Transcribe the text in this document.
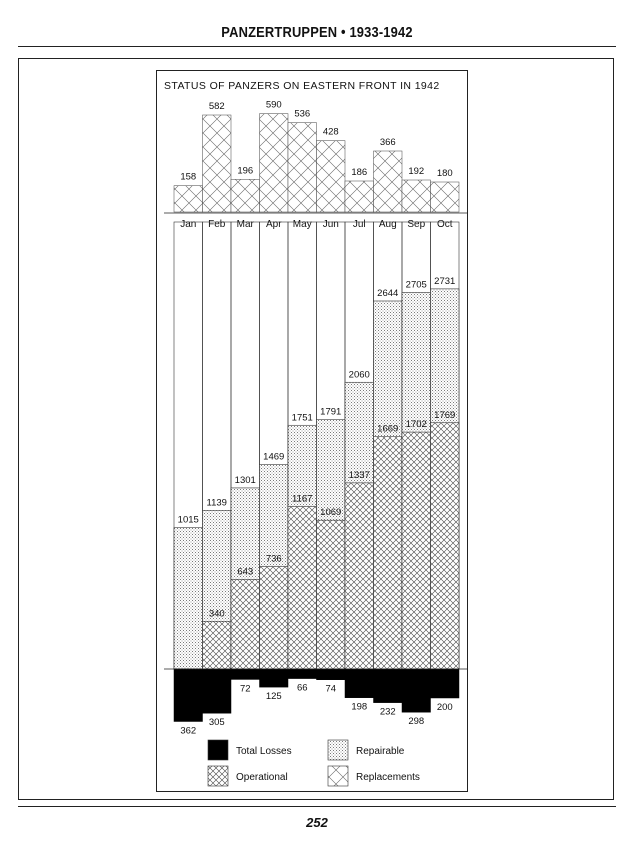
PANZERTRUPPEN • 1933-1942
STATUS OF PANZERS ON EASTERN FRONT IN 1942
158
Jan
1015
362
582
Feb
1139
340
305
196
Mar
1301
643
72
590
Apr
1469
736
125
536
May
1751
1167
66
428
Jun
1791
1069
74
186
Jul
2060
1337
198
366
Aug
2644
1669
232
192
Sep
2705
1702
298
180
Oct
2731
1769
200
Total Losses	Repairable
Operational	Replacements
252
